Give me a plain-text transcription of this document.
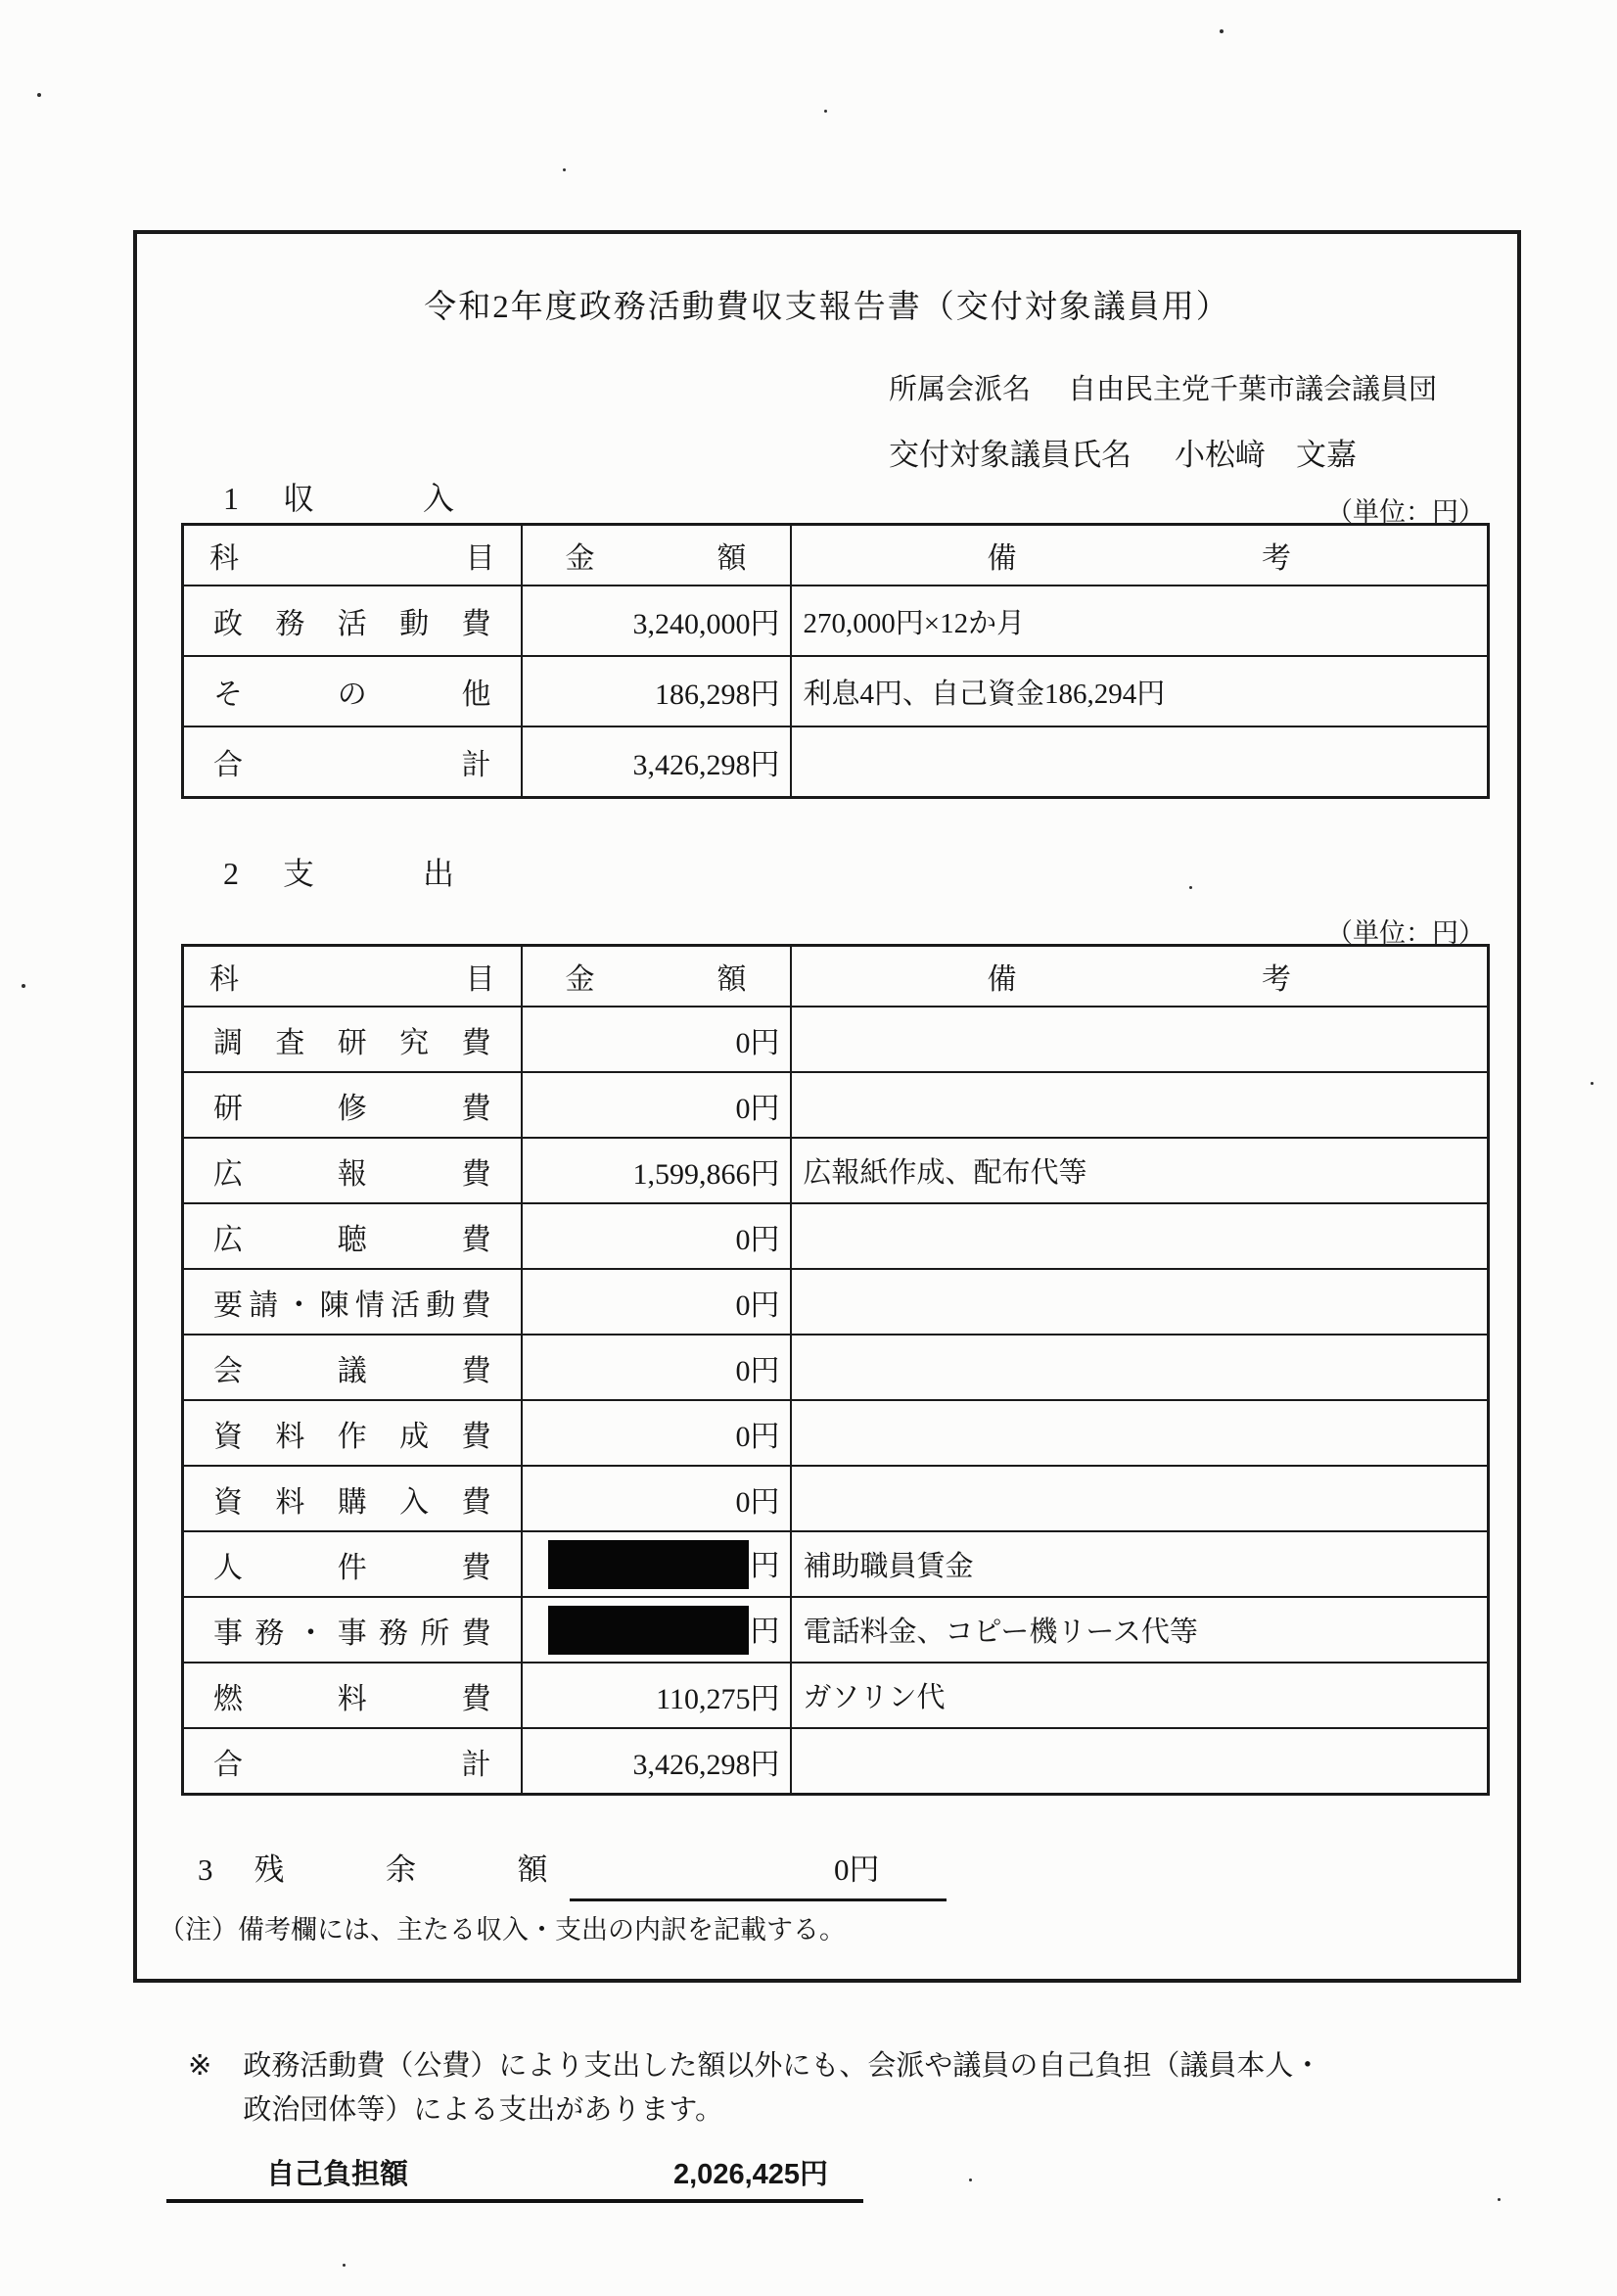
令和2年度政務活動費収支報告書（交付対象議員用）
所属会派名 自由民主党千葉市議会議員団
交付対象議員氏名 小松﨑　文嘉
1 収	入	（単位：円）
科 目	金 額	備 考

政 務 活 動 費	3,240,000円	270,000円×12か月

そ の 他	186,298円	利息4円、自己資金186,294円

合 計	3,426,298円	
2 支	出
（単位：円）
科 目	金 額	備 考

調 査 研 究 費	0円	

研 修 費	0円	

広 報 費	1,599,866円	広報紙作成、配布代等

広 聴 費	0円	

要 請 ・ 陳 情 活 動 費	0円	

会 議 費	0円	

資 料 作 成 費	0円	

資 料 購 入 費	0円	

人 件 費	円	補助職員賃金

事 務 ・ 事 務 所 費	円	電話料金、コピー機リース代等

燃 料 費	110,275円	ガソリン代

合 計	3,426,298円	
3 残	余	額	0円
（注）備考欄には、主たる収入・支出の内訳を記載する。
※ 政務活動費（公費）により支出した額以外にも、会派や議員の自己負担（議員本人・
政治団体等）による支出があります。
自己負担額	2,026,425円
